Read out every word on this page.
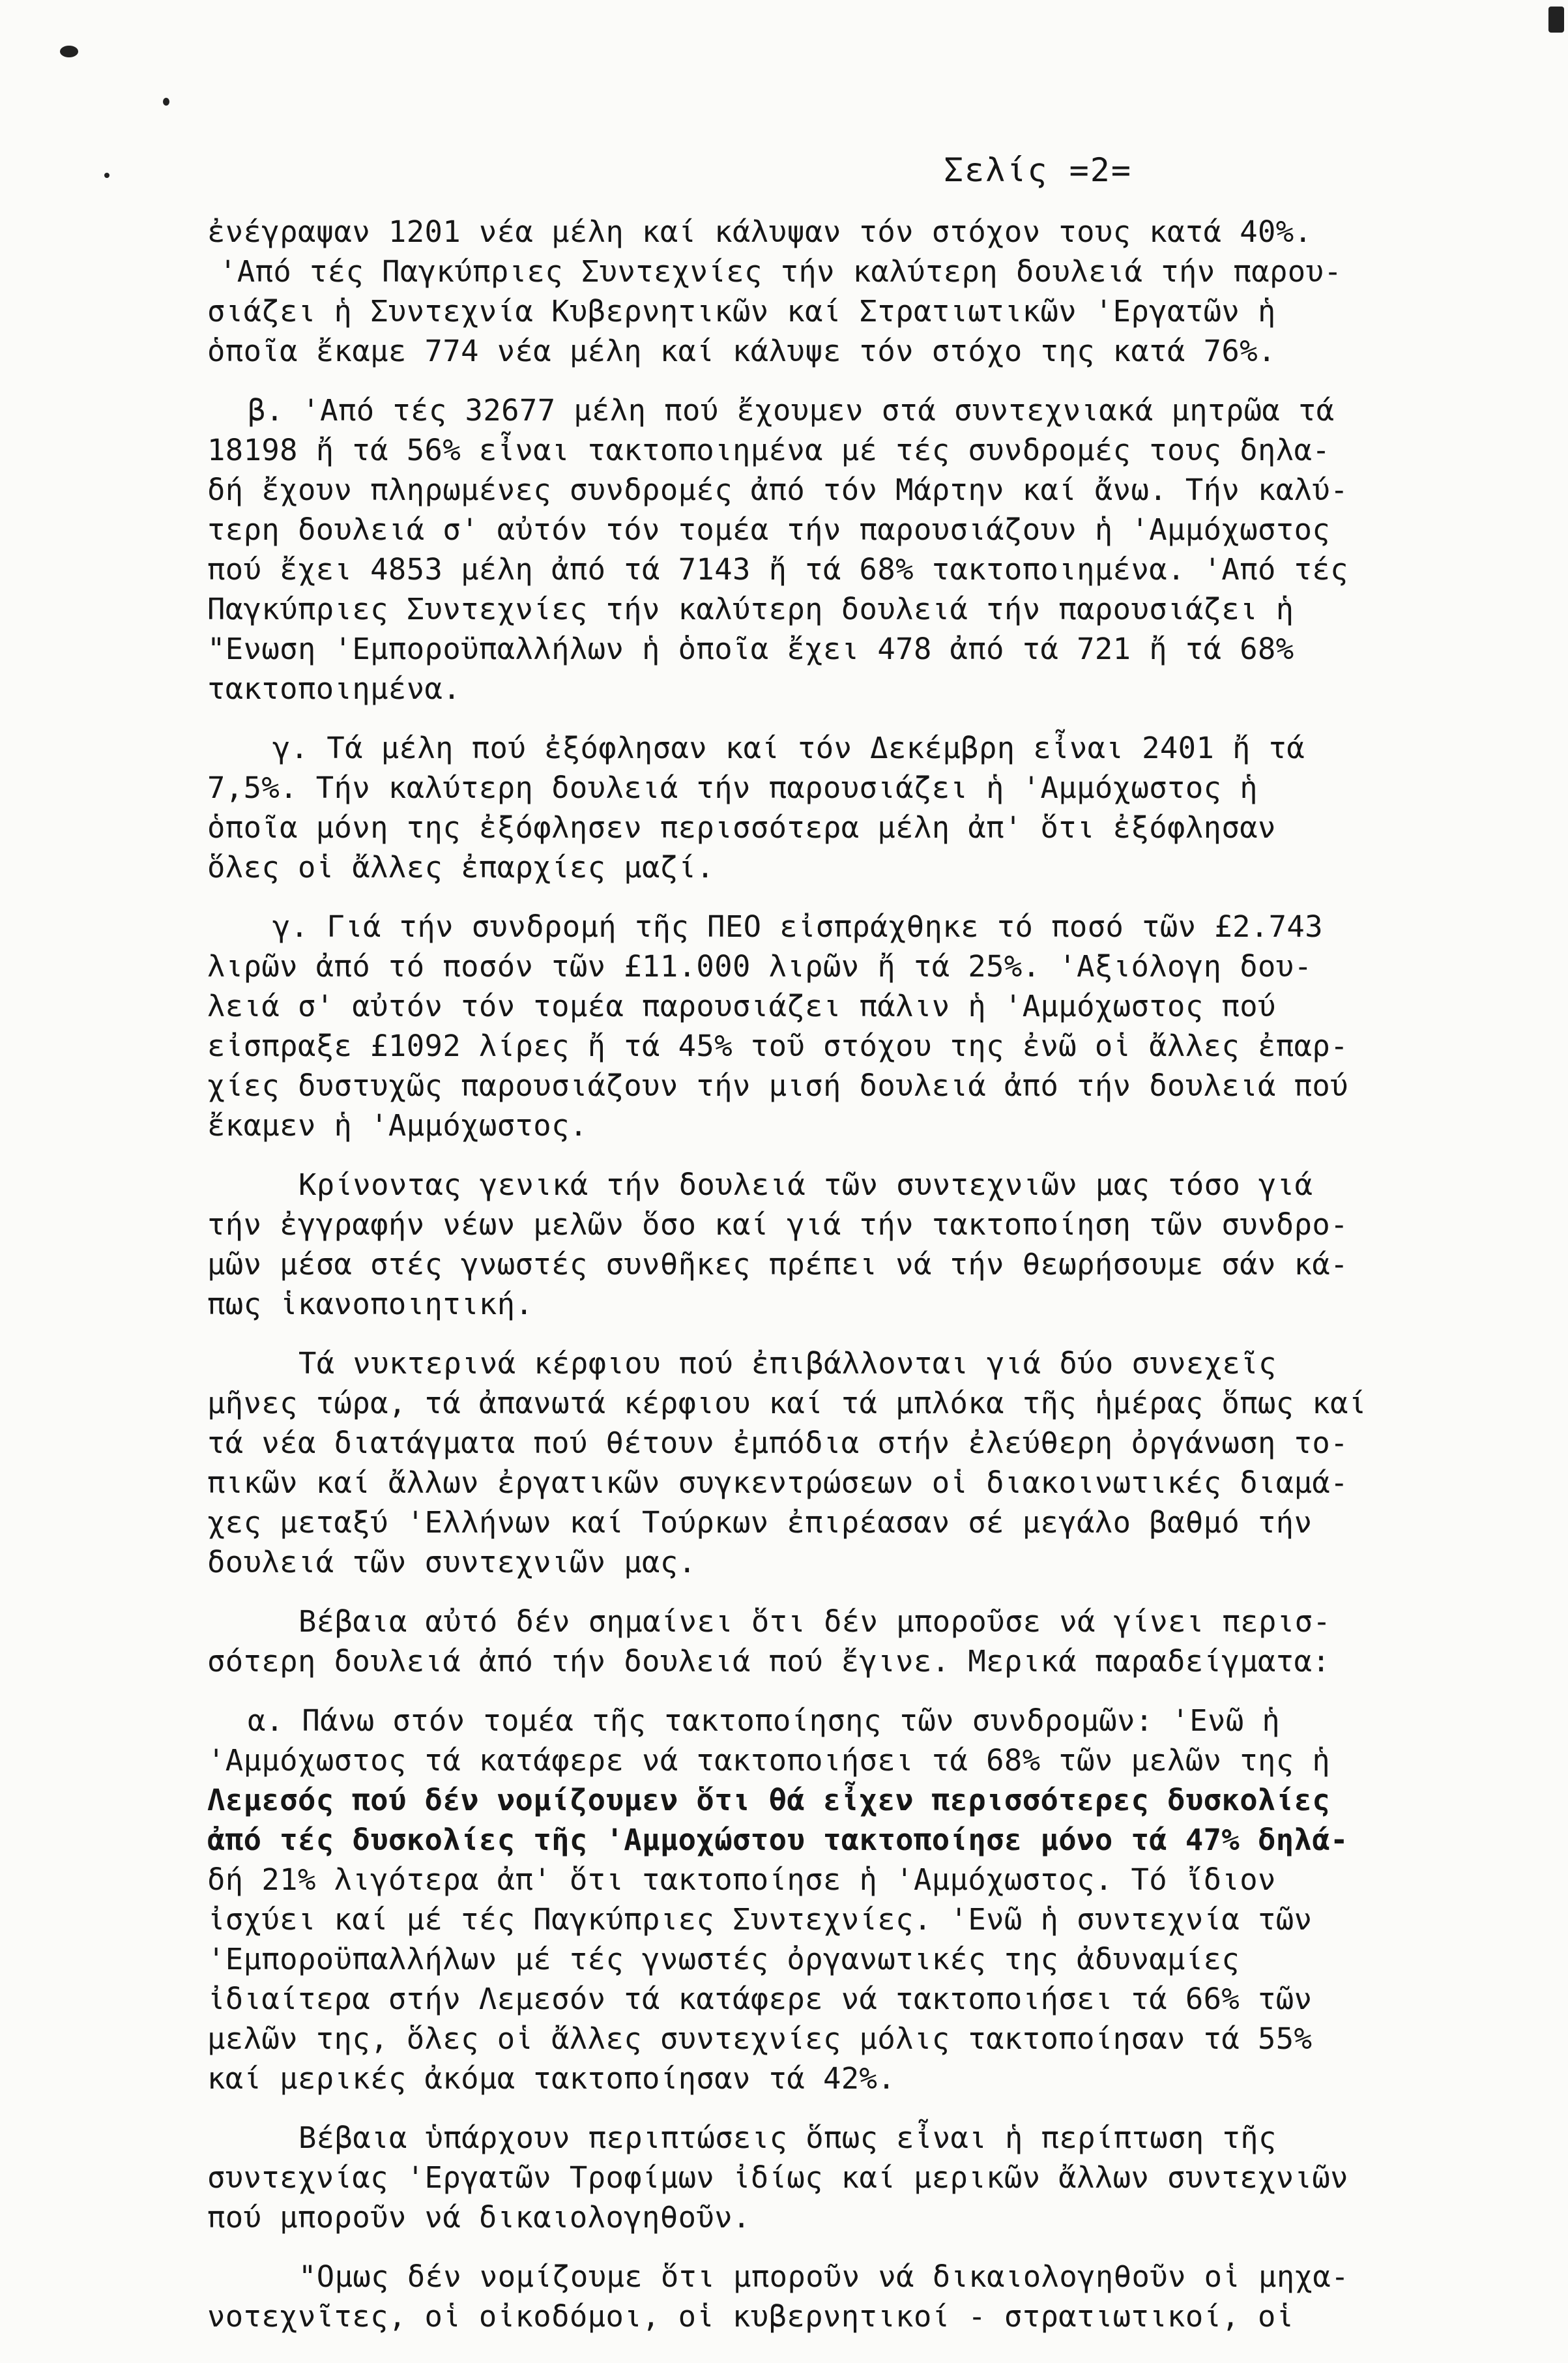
Σελίς =2=
ἐνέγραψαν 1201 νέα μέλη καί κάλυψαν τόν στόχον τους κατά 40%.
'Από τές Παγκύπριες Συντεχνίες τήν καλύτερη δουλειά τήν παρου-
σιάζει ἡ Συντεχνία Κυβερνητικῶν καί Στρατιωτικῶν 'Εργατῶν ἡ
ὁποῖα ἔκαμε 774 νέα μέλη καί κάλυψε τόν στόχο της κατά 76%.
β. 'Από τές 32677 μέλη πού ἔχουμεν στά συντεχνιακά μητρῶα τά
18198 ἤ τά 56% εἶναι τακτοποιημένα μέ τές συνδρομές τους δηλα-
δή ἔχουν πληρωμένες συνδρομές ἀπό τόν Μάρτην καί ἄνω. Τήν καλύ-
τερη δουλειά σ' αὐτόν τόν τομέα τήν παρουσιάζουν ἡ 'Αμμόχωστος
πού ἔχει 4853 μέλη ἀπό τά 7143 ἤ τά 68% τακτοποιημένα. 'Από τές
Παγκύπριες Συντεχνίες τήν καλύτερη δουλειά τήν παρουσιάζει ἡ
"Ενωση 'Εμποροϋπαλλήλων ἡ ὁποῖα ἔχει 478 ἀπό τά 721 ἤ τά 68%
τακτοποιημένα.
γ. Τά μέλη πού ἐξόφλησαν καί τόν Δεκέμβρη εἶναι 2401 ἤ τά
7,5%. Τήν καλύτερη δουλειά τήν παρουσιάζει ἡ 'Αμμόχωστος ἡ
ὁποῖα μόνη της ἐξόφλησεν περισσότερα μέλη ἀπ' ὅτι ἐξόφλησαν
ὅλες οἱ ἄλλες ἐπαρχίες μαζί.
γ. Γιά τήν συνδρομή τῆς ΠΕΟ εἰσπράχθηκε τό ποσό τῶν £2.743
λιρῶν ἀπό τό ποσόν τῶν £11.000 λιρῶν ἤ τά 25%. 'Αξιόλογη δου-
λειά σ' αὐτόν τόν τομέα παρουσιάζει πάλιν ἡ 'Αμμόχωστος πού
εἰσπραξε £1092 λίρες ἤ τά 45% τοῦ στόχου της ἐνῶ οἱ ἄλλες ἐπαρ-
χίες δυστυχῶς παρουσιάζουν τήν μισή δουλειά ἀπό τήν δουλειά πού
ἔκαμεν ἡ 'Αμμόχωστος.
Κρίνοντας γενικά τήν δουλειά τῶν συντεχνιῶν μας τόσο γιά
τήν ἐγγραφήν νέων μελῶν ὅσο καί γιά τήν τακτοποίηση τῶν συνδρο-
μῶν μέσα στές γνωστές συνθῆκες πρέπει νά τήν θεωρήσουμε σάν κά-
πως ἱκανοποιητική.
Τά νυκτερινά κέρφιου πού ἐπιβάλλονται γιά δύο συνεχεῖς
μῆνες τώρα, τά ἀπανωτά κέρφιου καί τά μπλόκα τῆς ἡμέρας ὅπως καί
τά νέα διατάγματα πού θέτουν ἐμπόδια στήν ἐλεύθερη ὀργάνωση το-
πικῶν καί ἄλλων ἐργατικῶν συγκεντρώσεων οἱ διακοινωτικές διαμά-
χες μεταξύ 'Ελλήνων καί Τούρκων ἐπιρέασαν σέ μεγάλο βαθμό τήν
δουλειά τῶν συντεχνιῶν μας.
Βέβαια αὐτό δέν σημαίνει ὅτι δέν μποροῦσε νά γίνει περισ-
σότερη δουλειά ἀπό τήν δουλειά πού ἔγινε. Μερικά παραδείγματα:
α. Πάνω στόν τομέα τῆς τακτοποίησης τῶν συνδρομῶν: 'Ενῶ ἡ
'Αμμόχωστος τά κατάφερε νά τακτοποιήσει τά 68% τῶν μελῶν της ἡ
Λεμεσός πού δέν νομίζουμεν ὅτι θά εἶχεν περισσότερες δυσκολίες
ἀπό τές δυσκολίες τῆς 'Αμμοχώστου τακτοποίησε μόνο τά 47% δηλά-
δή 21% λιγότερα ἀπ' ὅτι τακτοποίησε ἡ 'Αμμόχωστος. Τό ἴδιον
ἰσχύει καί μέ τές Παγκύπριες Συντεχνίες. 'Ενῶ ἡ συντεχνία τῶν
'Εμποροϋπαλλήλων μέ τές γνωστές ὀργανωτικές της ἀδυναμίες
ἰδιαίτερα στήν Λεμεσόν τά κατάφερε νά τακτοποιήσει τά 66% τῶν
μελῶν της, ὅλες οἱ ἄλλες συντεχνίες μόλις τακτοποίησαν τά 55%
καί μερικές ἀκόμα τακτοποίησαν τά 42%.
Βέβαια ὑπάρχουν περιπτώσεις ὅπως εἶναι ἡ περίπτωση τῆς
συντεχνίας 'Εργατῶν Τροφίμων ἰδίως καί μερικῶν ἄλλων συντεχνιῶν
πού μποροῦν νά δικαιολογηθοῦν.
"Ομως δέν νομίζουμε ὅτι μποροῦν νά δικαιολογηθοῦν οἱ μηχα-
νοτεχνῖτες, οἱ οἰκοδόμοι, οἱ κυβερνητικοί - στρατιωτικοί, οἱ
